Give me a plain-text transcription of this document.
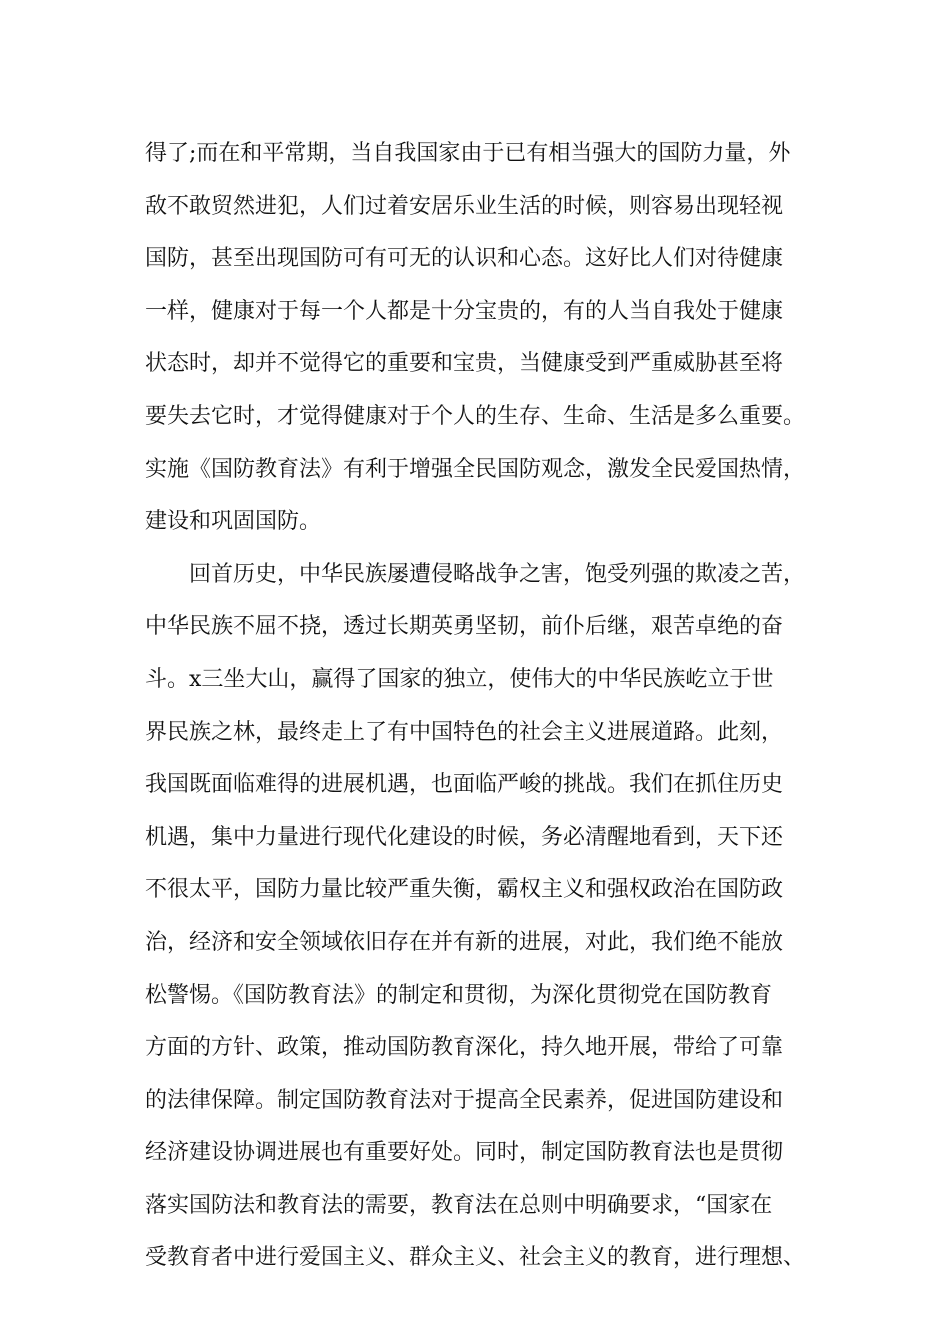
得了;而在和平常期，当自我国家由于已有相当强大的国防力量，外
敌不敢贸然进犯，人们过着安居乐业生活的时候，则容易出现轻视
国防，甚至出现国防可有可无的认识和心态。这好比人们对待健康
一样，健康对于每一个人都是十分宝贵的，有的人当自我处于健康
状态时，却并不觉得它的重要和宝贵，当健康受到严重威胁甚至将
要失去它时，才觉得健康对于个人的生存、生命、生活是多么重要。
实施《国防教育法》有利于增强全民国防观念，激发全民爱国热情，
建设和巩固国防。
回首历史，中华民族屡遭侵略战争之害，饱受列强的欺凌之苦，
中华民族不屈不挠，透过长期英勇坚韧，前仆后继，艰苦卓绝的奋
斗。x三坐大山，赢得了国家的独立，使伟大的中华民族屹立于世
界民族之林，最终走上了有中国特色的社会主义进展道路。此刻，
我国既面临难得的进展机遇，也面临严峻的挑战。我们在抓住历史
机遇，集中力量进行现代化建设的时候，务必清醒地看到，天下还
不很太平，国防力量比较严重失衡，霸权主义和强权政治在国防政
治，经济和安全领域依旧存在并有新的进展，对此，我们绝不能放
松警惕。《国防教育法》的制定和贯彻，为深化贯彻党在国防教育
方面的方针、政策，推动国防教育深化，持久地开展，带给了可靠
的法律保障。制定国防教育法对于提高全民素养，促进国防建设和
经济建设协调进展也有重要好处。同时，制定国防教育法也是贯彻
落实国防法和教育法的需要，教育法在总则中明确要求，“国家在
受教育者中进行爱国主义、群众主义、社会主义的教育，进行理想、
